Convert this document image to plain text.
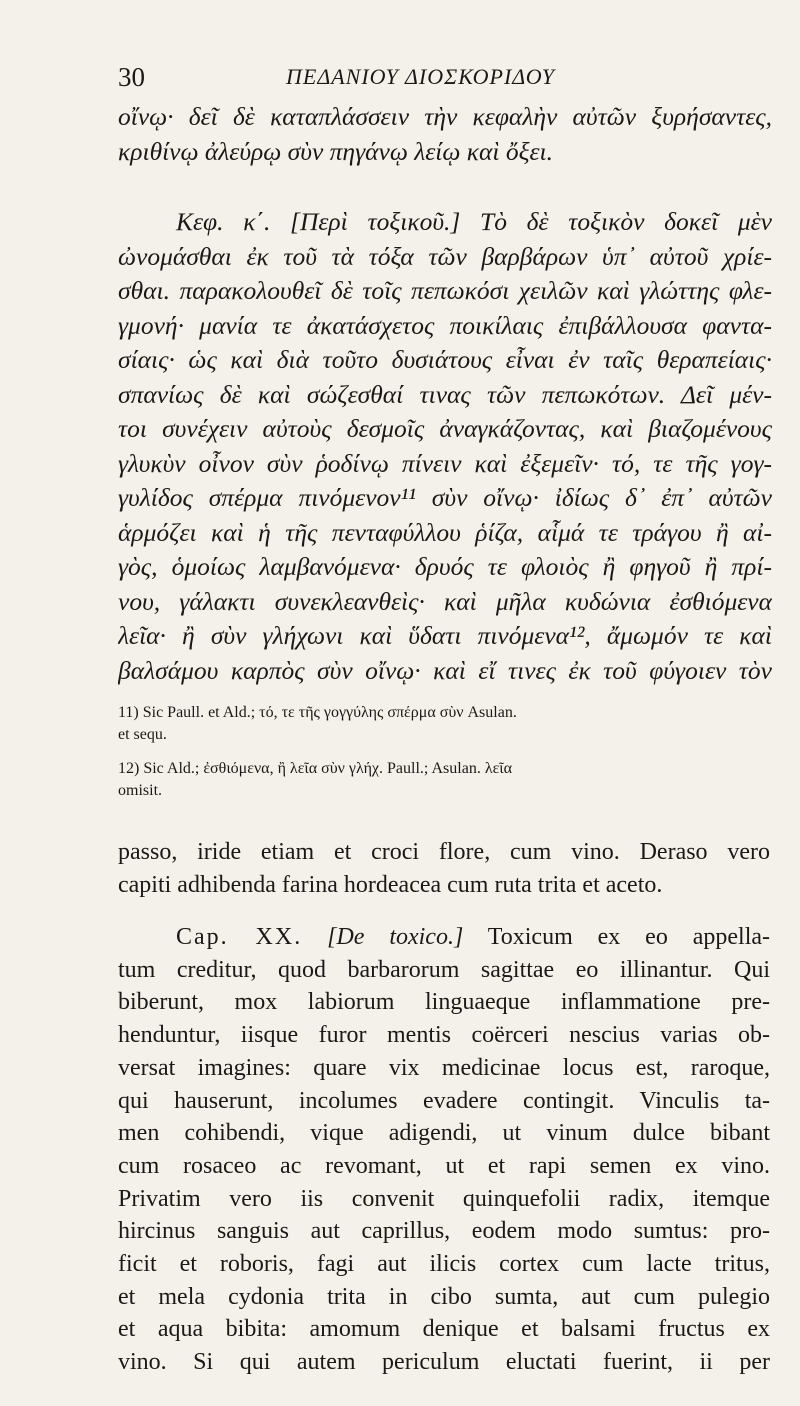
30	ΠΕΔΑΝΙΟΥ ΔΙΟΣΚΟΡΙΔΟΥ
οἴνῳ· δεῖ δὲ καταπλάσσειν τὴν κεφαλὴν αὐτῶν ξυρήσαντες,
κριθίνῳ ἀλεύρῳ σὺν πηγάνῳ λείῳ καὶ ὄξει.
Κεφ. κ΄. [Περὶ τοξικοῦ.] Τὸ δὲ τοξικὸν δοκεῖ μὲν
ὠνομάσθαι ἐκ τοῦ τὰ τόξα τῶν βαρβάρων ὑπ᾽ αὐτοῦ χρίε-
σθαι. παρακολουθεῖ δὲ τοῖς πεπωκόσι χειλῶν καὶ γλώττης φλε-
γμονή· μανία τε ἀκατάσχετος ποικίλαις ἐπιβάλλουσα φαντα-
σίαις· ὡς καὶ διὰ τοῦτο δυσιάτους εἶναι ἐν ταῖς θεραπείαις·
σπανίως δὲ καὶ σώζεσθαί τινας τῶν πεπωκότων. Δεῖ μέν-
τοι συνέχειν αὐτοὺς δεσμοῖς ἀναγκάζοντας, καὶ βιαζομένους
γλυκὺν οἶνον σὺν ῥοδίνῳ πίνειν καὶ ἐξεμεῖν· τό, τε τῆς γογ-
γυλίδος σπέρμα πινόμενον¹¹ σὺν οἴνῳ· ἰδίως δ᾽ ἐπ᾽ αὐτῶν
ἁρμόζει καὶ ἡ τῆς πενταφύλλου ῥίζα, αἷμά τε τράγου ἢ αἰ-
γὸς, ὁμοίως λαμβανόμενα· δρυός τε φλοιὸς ἢ φηγοῦ ἢ πρί-
νου, γάλακτι συνεκλεανθεὶς· καὶ μῆλα κυδώνια ἐσθιόμενα
λεῖα· ἢ σὺν γλήχωνι καὶ ὕδατι πινόμενα¹², ἄμωμόν τε καὶ
βαλσάμου καρπὸς σὺν οἴνῳ· καὶ εἴ τινες ἐκ τοῦ φύγοιεν τὸν
11) Sic Paull. et Ald.; τό, τε τῆς γογγύλης σπέρμα σὺν Asulan.
et sequ.
12) Sic Ald.; ἐσθιόμενα, ἢ λεῖα σὺν γλήχ. Paull.; Asulan. λεῖα
omisit.
passo, iride etiam et croci flore, cum vino. Deraso vero
capiti adhibenda farina hordeacea cum ruta trita et aceto.
Cap. XX. [De toxico.] Toxicum ex eo appella-
tum creditur, quod barbarorum sagittae eo illinantur. Qui
biberunt, mox labiorum linguaeque inflammatione pre-
henduntur, iisque furor mentis coërceri nescius varias ob-
versat imagines: quare vix medicinae locus est, raroque,
qui hauserunt, incolumes evadere contingit. Vinculis ta-
men cohibendi, vique adigendi, ut vinum dulce bibant
cum rosaceo ac revomant, ut et rapi semen ex vino.
Privatim vero iis convenit quinquefolii radix, itemque
hircinus sanguis aut caprillus, eodem modo sumtus: pro-
ficit et roboris, fagi aut ilicis cortex cum lacte tritus,
et mela cydonia trita in cibo sumta, aut cum pulegio
et aqua bibita: amomum denique et balsami fructus ex
vino. Si qui autem periculum eluctati fuerint, ii per
